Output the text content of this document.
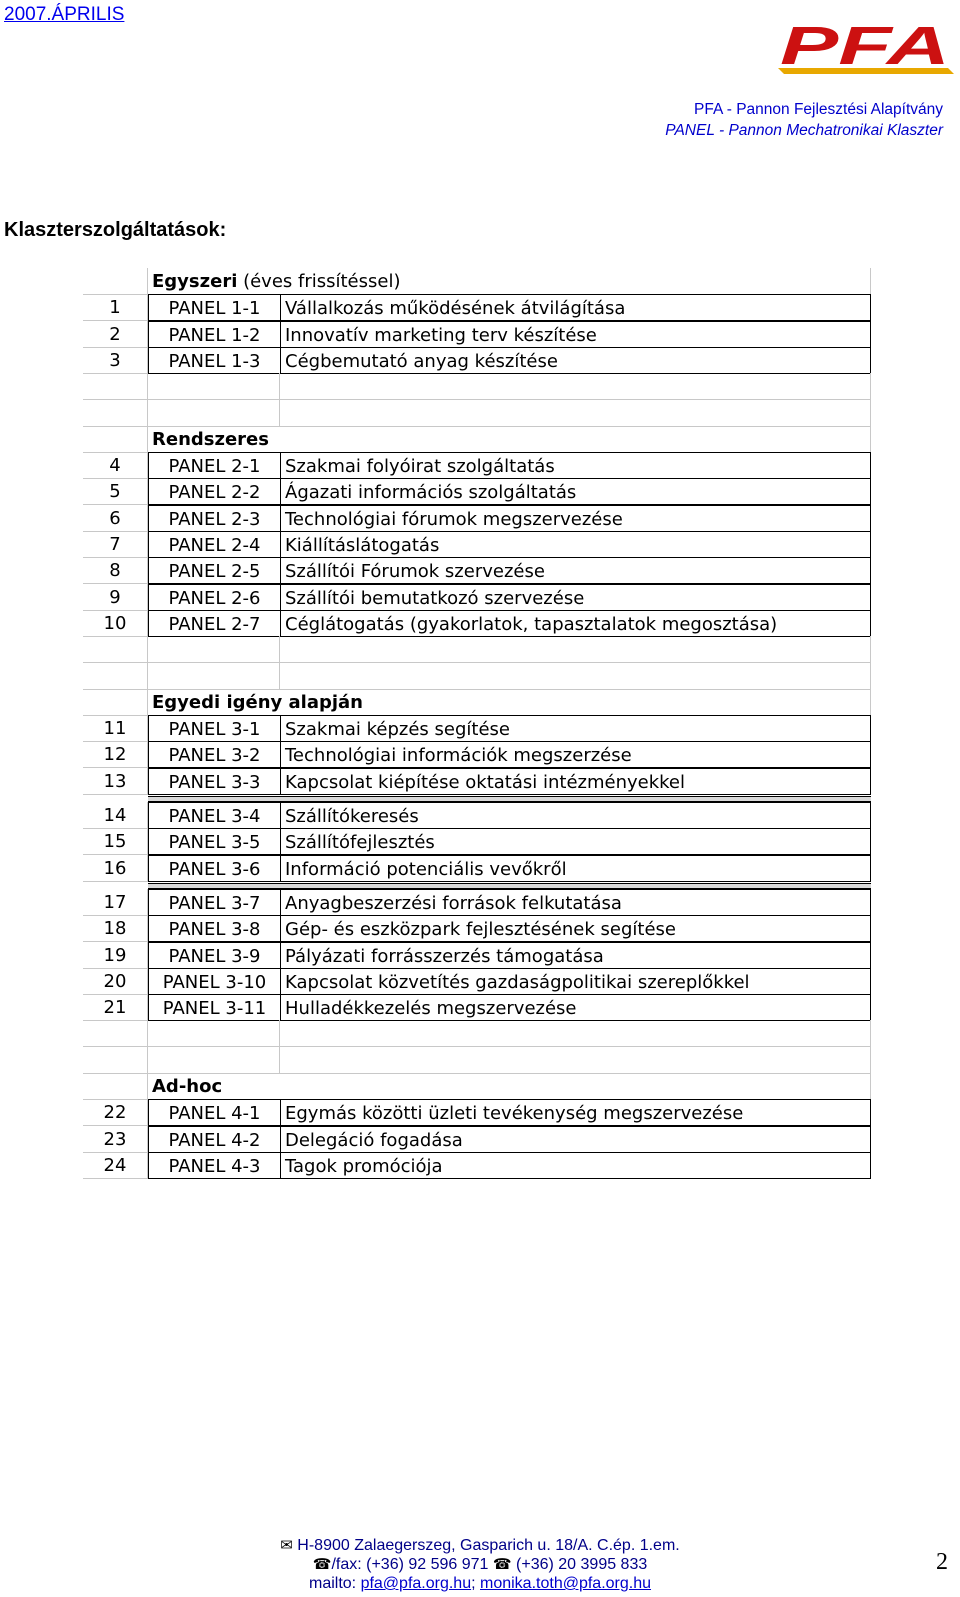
2007.ÁPRILIS
PFA
PFA - Pannon Fejlesztési Alapítvány
PANEL - Pannon Mechatronikai Klaszter
Klaszterszolgáltatások:
Egyszeri (éves frissítéssel)
1	PANEL 1-1	Vállalkozás működésének átvilágítása
2	PANEL 1-2	Innovatív marketing terv készítése
3	PANEL 1-3	Cégbemutató anyag készítése
Rendszeres
4	PANEL 2-1	Szakmai folyóirat szolgáltatás
5	PANEL 2-2	Ágazati információs szolgáltatás
6	PANEL 2-3	Technológiai fórumok megszervezése
7	PANEL 2-4	Kiállításlátogatás
8	PANEL 2-5	Szállítói Fórumok szervezése
9	PANEL 2-6	Szállítói bemutatkozó szervezése
10	PANEL 2-7	Céglátogatás (gyakorlatok, tapasztalatok megosztása)
Egyedi igény alapján
11	PANEL 3-1	Szakmai képzés segítése
12	PANEL 3-2	Technológiai információk megszerzése
13	PANEL 3-3	Kapcsolat kiépítése oktatási intézményekkel
14	PANEL 3-4	Szállítókeresés
15	PANEL 3-5	Szállítófejlesztés
16	PANEL 3-6	Információ potenciális vevőkről
17	PANEL 3-7	Anyagbeszerzési források felkutatása
18	PANEL 3-8	Gép- és eszközpark fejlesztésének segítése
19	PANEL 3-9	Pályázati forrásszerzés támogatása
20	PANEL 3-10	Kapcsolat közvetítés gazdaságpolitikai szereplőkkel
21	PANEL 3-11	Hulladékkezelés megszervezése
Ad-hoc
22	PANEL 4-1	Egymás közötti üzleti tevékenység megszervezése
23	PANEL 4-2	Delegáció fogadása
24	PANEL 4-3	Tagok promóciója
✉ H-8900 Zalaegerszeg, Gasparich u. 18/A. C.ép. 1.em.
☎/fax: (+36) 92 596 971 ☎ (+36) 20 3995 833
mailto: pfa@pfa.org.hu; monika.toth@pfa.org.hu
2
